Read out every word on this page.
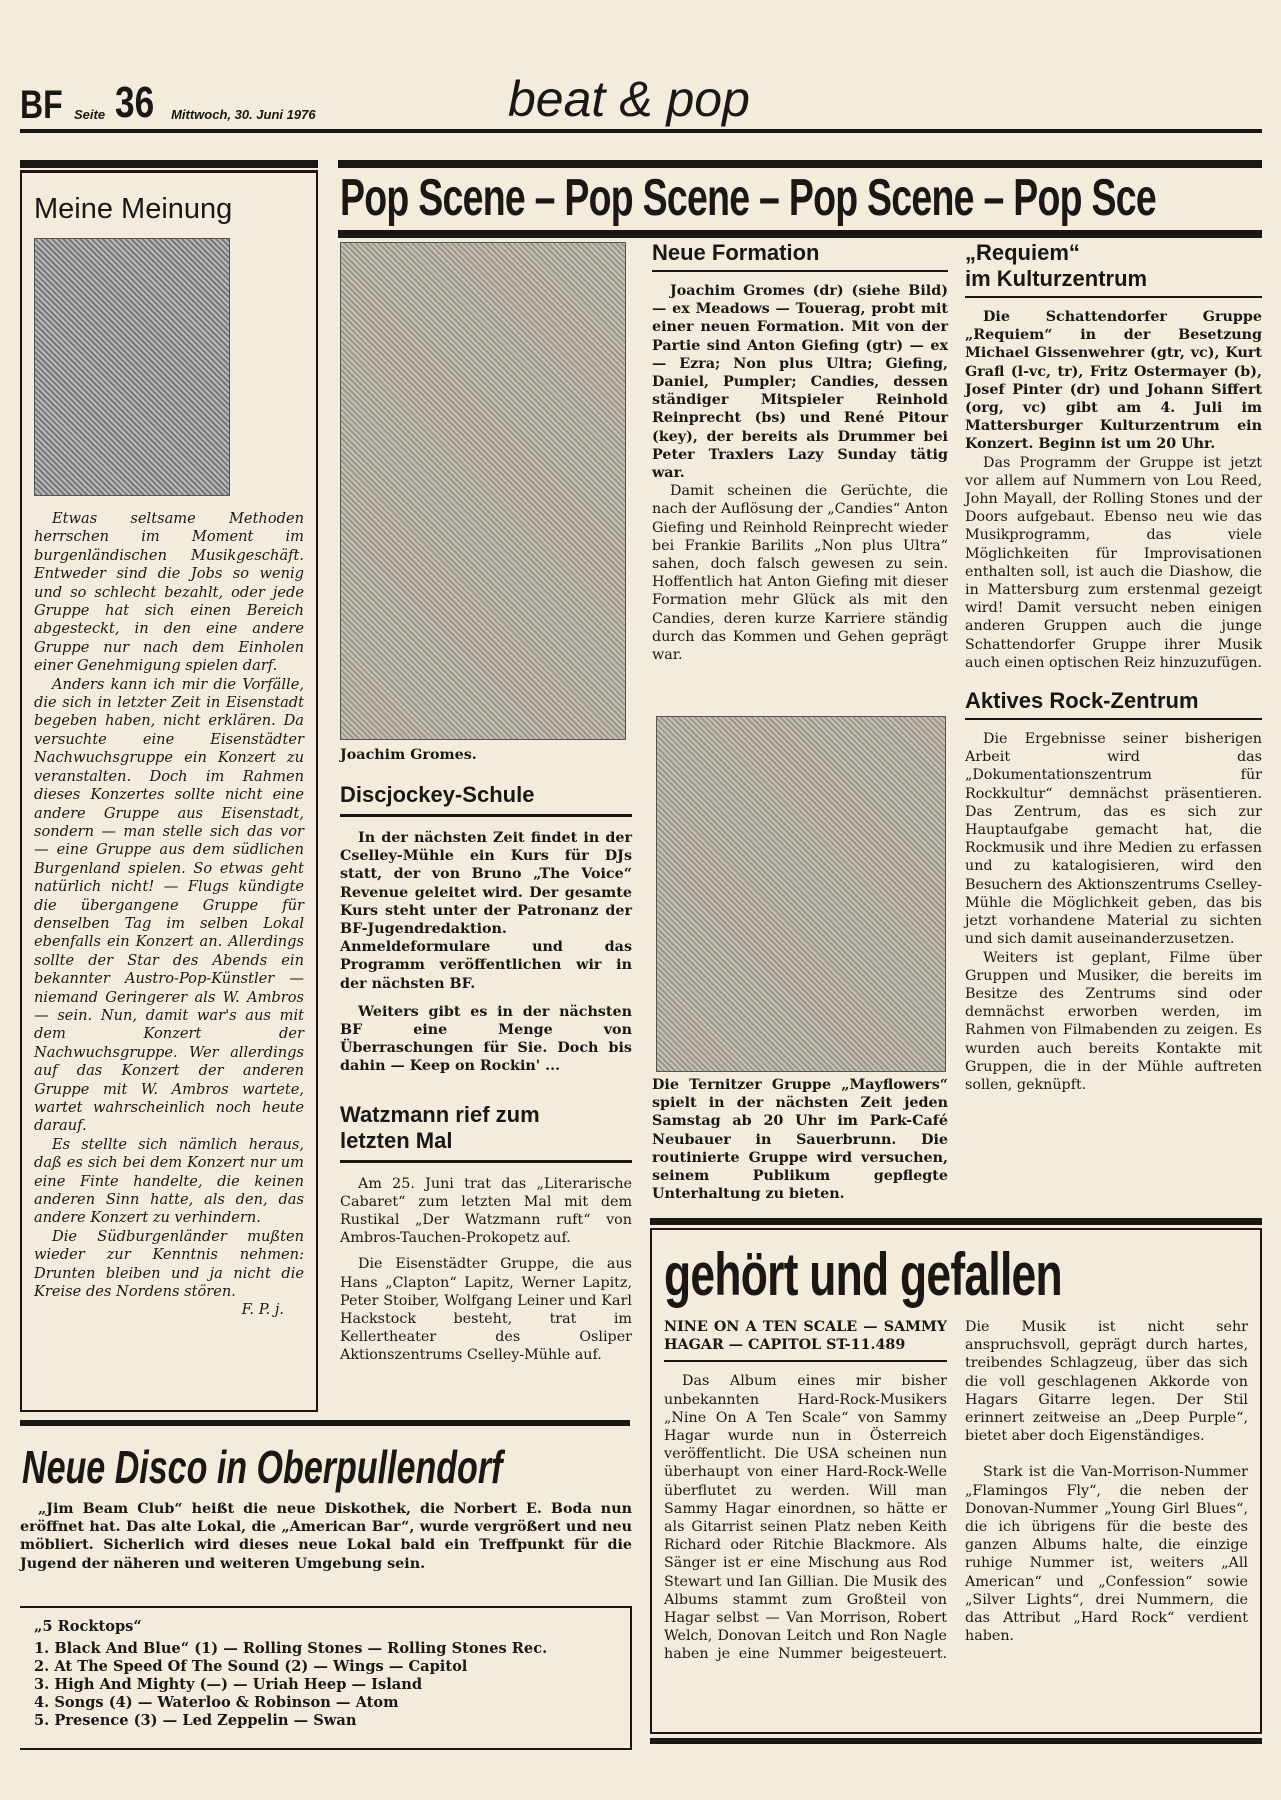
BF Seite 36 Mittwoch, 30. Juni 1976	beat & pop
Meine Meinung

Etwas seltsame Methoden herrschen im Moment im burgenländischen Musikgeschäft. Entweder sind die Jobs so wenig und so schlecht bezahlt, oder jede Gruppe hat sich einen Bereich abgesteckt, in den eine andere Gruppe nur nach dem Einholen einer Genehmigung spielen darf.

Anders kann ich mir die Vorfälle, die sich in letzter Zeit in Eisenstadt begeben haben, nicht erklären. Da versuchte eine Eisenstädter Nachwuchsgruppe ein Konzert zu veranstalten. Doch im Rahmen dieses Konzertes sollte nicht eine andere Gruppe aus Eisenstadt, sondern — man stelle sich das vor — eine Gruppe aus dem südlichen Burgenland spielen. So etwas geht natürlich nicht! — Flugs kündigte die übergangene Gruppe für denselben Tag im selben Lokal ebenfalls ein Konzert an. Allerdings sollte der Star des Abends ein bekannter Austro-Pop-Künstler — niemand Geringerer als W. Ambros — sein. Nun, damit war's aus mit dem Konzert der Nachwuchsgruppe. Wer allerdings auf das Konzert der anderen Gruppe mit W. Ambros wartete, wartet wahrscheinlich noch heute darauf.

Es stellte sich nämlich heraus, daß es sich bei dem Konzert nur um eine Finte handelte, die keinen anderen Sinn hatte, als den, das andere Konzert zu verhindern.

Die Südburgenländer mußten wieder zur Kenntnis nehmen: Drunten bleiben und ja nicht die Kreise des Nordens stören.

F. P. j.
Pop Scene – Pop Scene – Pop Scene – Pop Sce
Joachim Gromes.
Discjockey-Schule

In der nächsten Zeit findet in der Cselley-Mühle ein Kurs für DJs statt, der von Bruno „The Voice“ Revenue geleitet wird. Der gesamte Kurs steht unter der Patronanz der BF-Jugendredaktion. Anmeldeformulare und das Programm veröffentlichen wir in der nächsten BF.

Weiters gibt es in der nächsten BF eine Menge von Überraschungen für Sie. Doch bis dahin — Keep on Rockin' ...

Watzmann rief zum letzten Mal

Am 25. Juni trat das „Literarische Cabaret“ zum letzten Mal mit dem Rustikal „Der Watzmann ruft“ von Ambros-Tauchen-Prokopetz auf.

Die Eisenstädter Gruppe, die aus Hans „Clapton“ Lapitz, Werner Lapitz, Peter Stoiber, Wolfgang Leiner und Karl Hackstock besteht, trat im Kellertheater des Osliper Aktionszentrums Cselley-Mühle auf.

Neue Formation

Joachim Gromes (dr) (siehe Bild) — ex Meadows — Touerag, probt mit einer neuen Formation. Mit von der Partie sind Anton Giefing (gtr) — ex — Ezra; Non plus Ultra; Giefing, Daniel, Pumpler; Candies, dessen ständiger Mitspieler Reinhold Reinprecht (bs) und René Pitour (key), der bereits als Drummer bei Peter Traxlers Lazy Sunday tätig war.

Damit scheinen die Gerüchte, die nach der Auflösung der „Candies“ Anton Giefing und Reinhold Reinprecht wieder bei Frankie Barilits „Non plus Ultra“ sahen, doch falsch gewesen zu sein. Hoffentlich hat Anton Giefing mit dieser Formation mehr Glück als mit den Candies, deren kurze Karriere ständig durch das Kommen und Gehen geprägt war.

Die Ternitzer Gruppe „Mayflowers“ spielt in der nächsten Zeit jeden Samstag ab 20 Uhr im Park-Café Neubauer in Sauerbrunn. Die routinierte Gruppe wird versuchen, seinem Publikum gepflegte Unterhaltung zu bieten.

„Requiem“
im Kulturzentrum

Die Schattendorfer Gruppe „Requiem“ in der Besetzung Michael Gissenwehrer (gtr, vc), Kurt Grafl (l-vc, tr), Fritz Ostermayer (b), Josef Pinter (dr) und Johann Siffert (org, vc) gibt am 4. Juli im Mattersburger Kulturzentrum ein Konzert. Beginn ist um 20 Uhr.

Das Programm der Gruppe ist jetzt vor allem auf Nummern von Lou Reed, John Mayall, der Rolling Stones und der Doors aufgebaut. Ebenso neu wie das Musikprogramm, das viele Möglichkeiten für Improvisationen enthalten soll, ist auch die Diashow, die in Mattersburg zum erstenmal gezeigt wird! Damit versucht neben einigen anderen Gruppen auch die junge Schattendorfer Gruppe ihrer Musik auch einen optischen Reiz hinzuzufügen.

Aktives Rock-Zentrum

Die Ergebnisse seiner bisherigen Arbeit wird das „Dokumentationszentrum für Rockkultur“ demnächst präsentieren. Das Zentrum, das es sich zur Hauptaufgabe gemacht hat, die Rockmusik und ihre Medien zu erfassen und zu katalogisieren, wird den Besuchern des Aktionszentrums Cselley-Mühle die Möglichkeit geben, das bis jetzt vorhandene Material zu sichten und sich damit auseinanderzusetzen.

Weiters ist geplant, Filme über Gruppen und Musiker, die bereits im Besitze des Zentrums sind oder demnächst erworben werden, im Rahmen von Filmabenden zu zeigen. Es wurden auch bereits Kontakte mit Gruppen, die in der Mühle auftreten sollen, geknüpft.

gehört und gefallen
NINE ON A TEN SCALE — SAMMY HAGAR — CAPITOL ST-11.489

Das Album eines mir bisher unbekannten Hard-Rock-Musikers „Nine On A Ten Scale“ von Sammy Hagar wurde nun in Österreich veröffentlicht. Die USA scheinen nun überhaupt von einer Hard-Rock-Welle überflutet zu werden. Will man Sammy Hagar einordnen, so hätte er als Gitarrist seinen Platz neben Keith Richard oder Ritchie Blackmore. Als Sänger ist er eine Mischung aus Rod Stewart und Ian Gillian. Die Musik des Albums stammt zum Großteil von Hagar selbst — Van Morrison, Robert Welch, Donovan Leitch und Ron Nagle haben je eine Nummer beigesteuert. Die Musik ist nicht sehr anspruchsvoll, geprägt durch hartes, treibendes Schlagzeug, über das sich die voll geschlagenen Akkorde von Hagars Gitarre legen. Der Stil erinnert zeitweise an „Deep Purple“, bietet aber doch Eigenständiges.

Stark ist die Van-Morrison-Nummer „Flamingos Fly“, die neben der Donovan-Nummer „Young Girl Blues“, die ich übrigens für die beste des ganzen Albums halte, die einzige ruhige Nummer ist, weiters „All American“ und „Confession“ sowie „Silver Lights“, drei Nummern, die das Attribut „Hard Rock“ verdient haben.

Neue Disco in Oberpullendorf

„Jim Beam Club“ heißt die neue Diskothek, die Norbert E. Boda nun eröffnet hat. Das alte Lokal, die „American Bar“, wurde vergrößert und neu möbliert. Sicherlich wird dieses neue Lokal bald ein Treffpunkt für die Jugend der näheren und weiteren Umgebung sein.

„5 Rocktops“
1. Black And Blue“ (1) — Rolling Stones — Rolling Stones Rec.
2. At The Speed Of The Sound (2) — Wings — Capitol
3. High And Mighty (—) — Uriah Heep — Island
4. Songs (4) — Waterloo & Robinson — Atom
5. Presence (3) — Led Zeppelin — Swan
